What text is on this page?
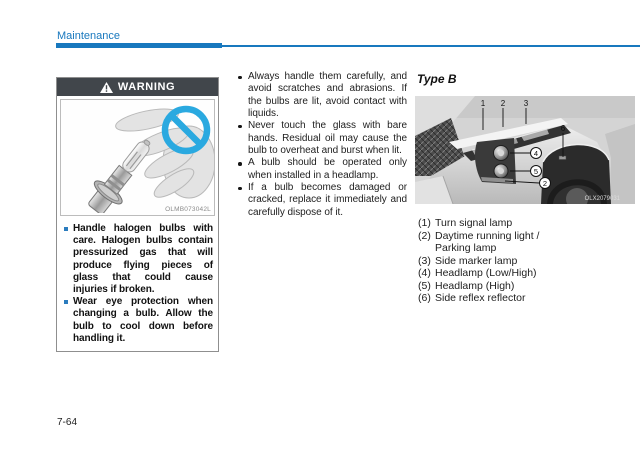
Maintenance
WARNING
OLMB073042L
Handle halogen bulbs with care. Halogen bulbs contain pressurized gas that will produce flying pieces of glass that could cause injuries if broken.
Wear eye protection when changing a bulb. Allow the bulb to cool down before handling it.
Always handle them carefully, and avoid scratches and abrasions. If the bulbs are lit, avoid contact with liquids.
Never touch the glass with bare hands. Residual oil may cause the bulb to overheat and burst when lit.
A bulb should be operated only when installed in a headlamp.
If a bulb becomes damaged or cracked, replace it immediately and carefully dispose of it.
Type B
1 2 3
6
4
5
2
OLX2079031
(1) Turn signal lamp
(2) Daytime running light / Parking lamp
(3) Side marker lamp
(4) Headlamp (Low/High)
(5) Headlamp (High)
(6) Side reflex reflector
7-64
